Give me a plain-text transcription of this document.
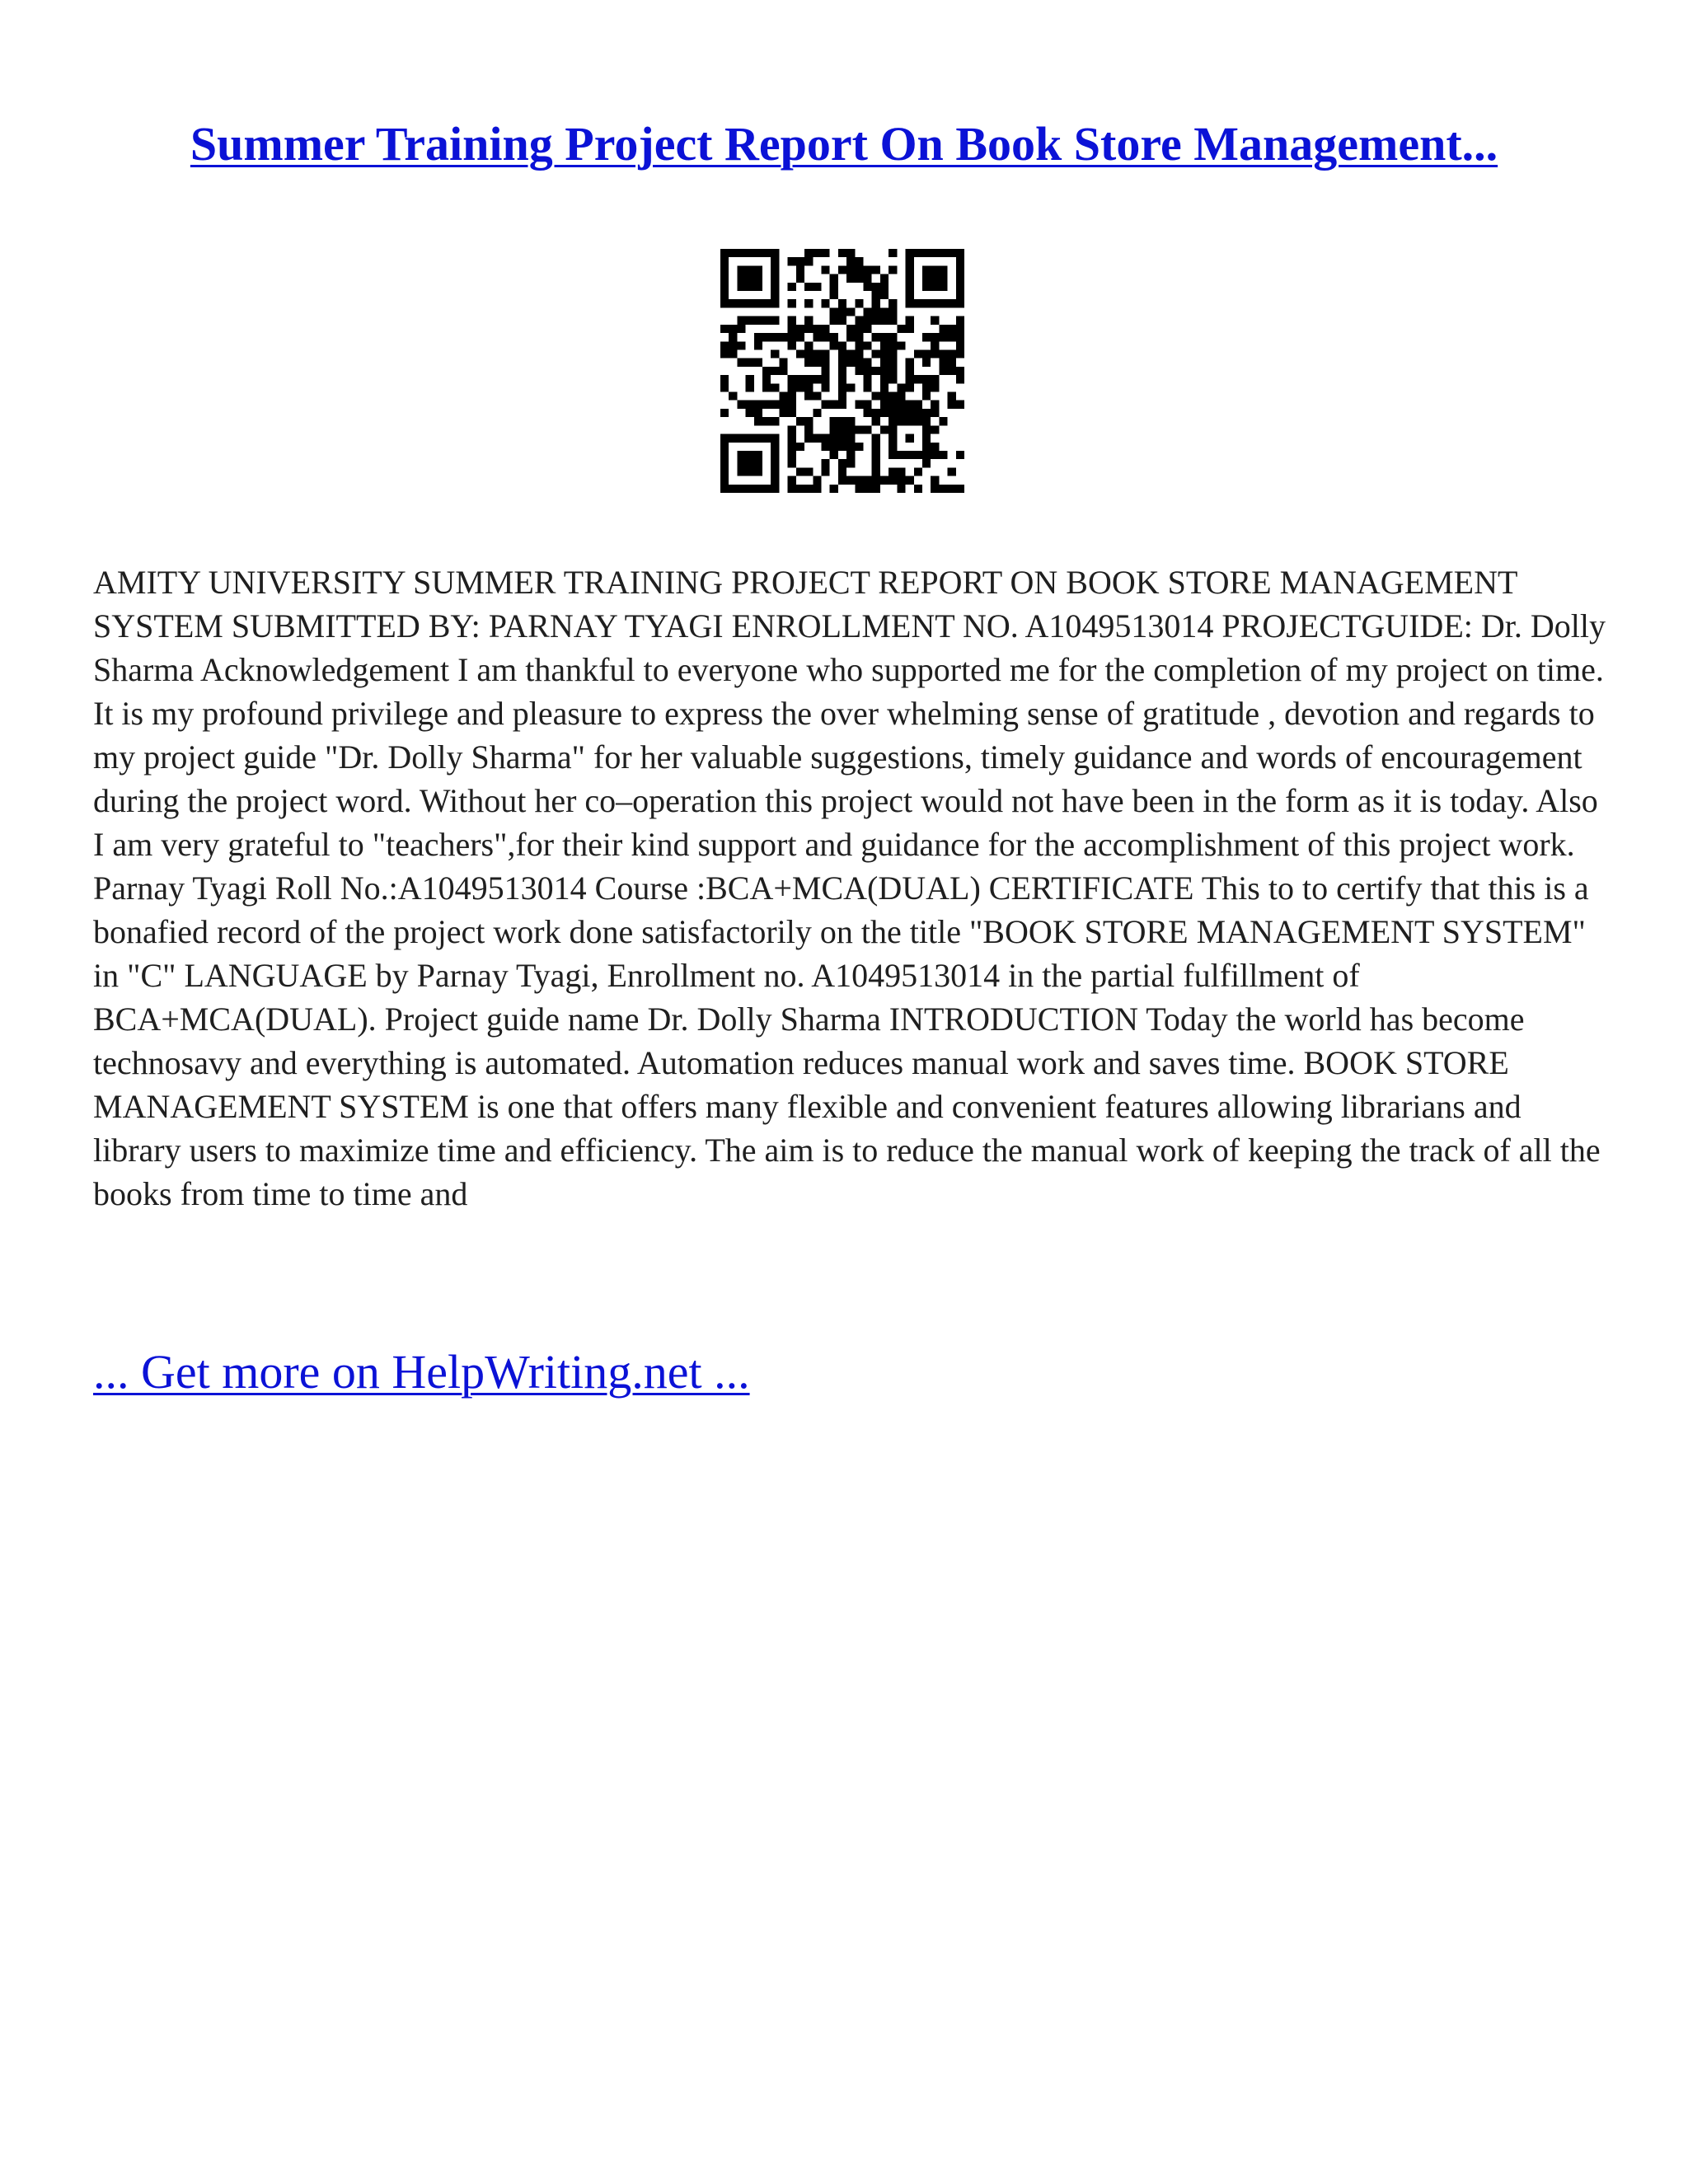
Summer Training Project Report On Book Store Management...

AMITY UNIVERSITY SUMMER TRAINING PROJECT REPORT ON BOOK STORE MANAGEMENT SYSTEM SUBMITTED BY: PARNAY TYAGI ENROLLMENT NO. A1049513014 PROJECTGUIDE: Dr. Dolly Sharma Acknowledgement I am thankful to everyone who supported me for the completion of my project on time. It is my profound privilege and pleasure to express the over whelming sense of gratitude , devotion and regards to my project guide "Dr. Dolly Sharma" for her valuable suggestions, timely guidance and words of encouragement during the project word. Without her co–operation this project would not have been in the form as it is today. Also I am very grateful to "teachers",for their kind support and guidance for the accomplishment of this project work. Parnay Tyagi Roll No.:A1049513014 Course :BCA+MCA(DUAL) CERTIFICATE This to to certify that this is a bonafied record of the project work done satisfactorily on the title "BOOK STORE MANAGEMENT SYSTEM" in "C" LANGUAGE by Parnay Tyagi, Enrollment no. A1049513014 in the partial fulfillment of BCA+MCA(DUAL). Project guide name Dr. Dolly Sharma INTRODUCTION Today the world has become technosavy and everything is automated. Automation reduces manual work and saves time. BOOK STORE MANAGEMENT SYSTEM is one that offers many flexible and convenient features allowing librarians and library users to maximize time and efficiency. The aim is to reduce the manual work of keeping the track of all the books from time to time and

... Get more on HelpWriting.net ...
